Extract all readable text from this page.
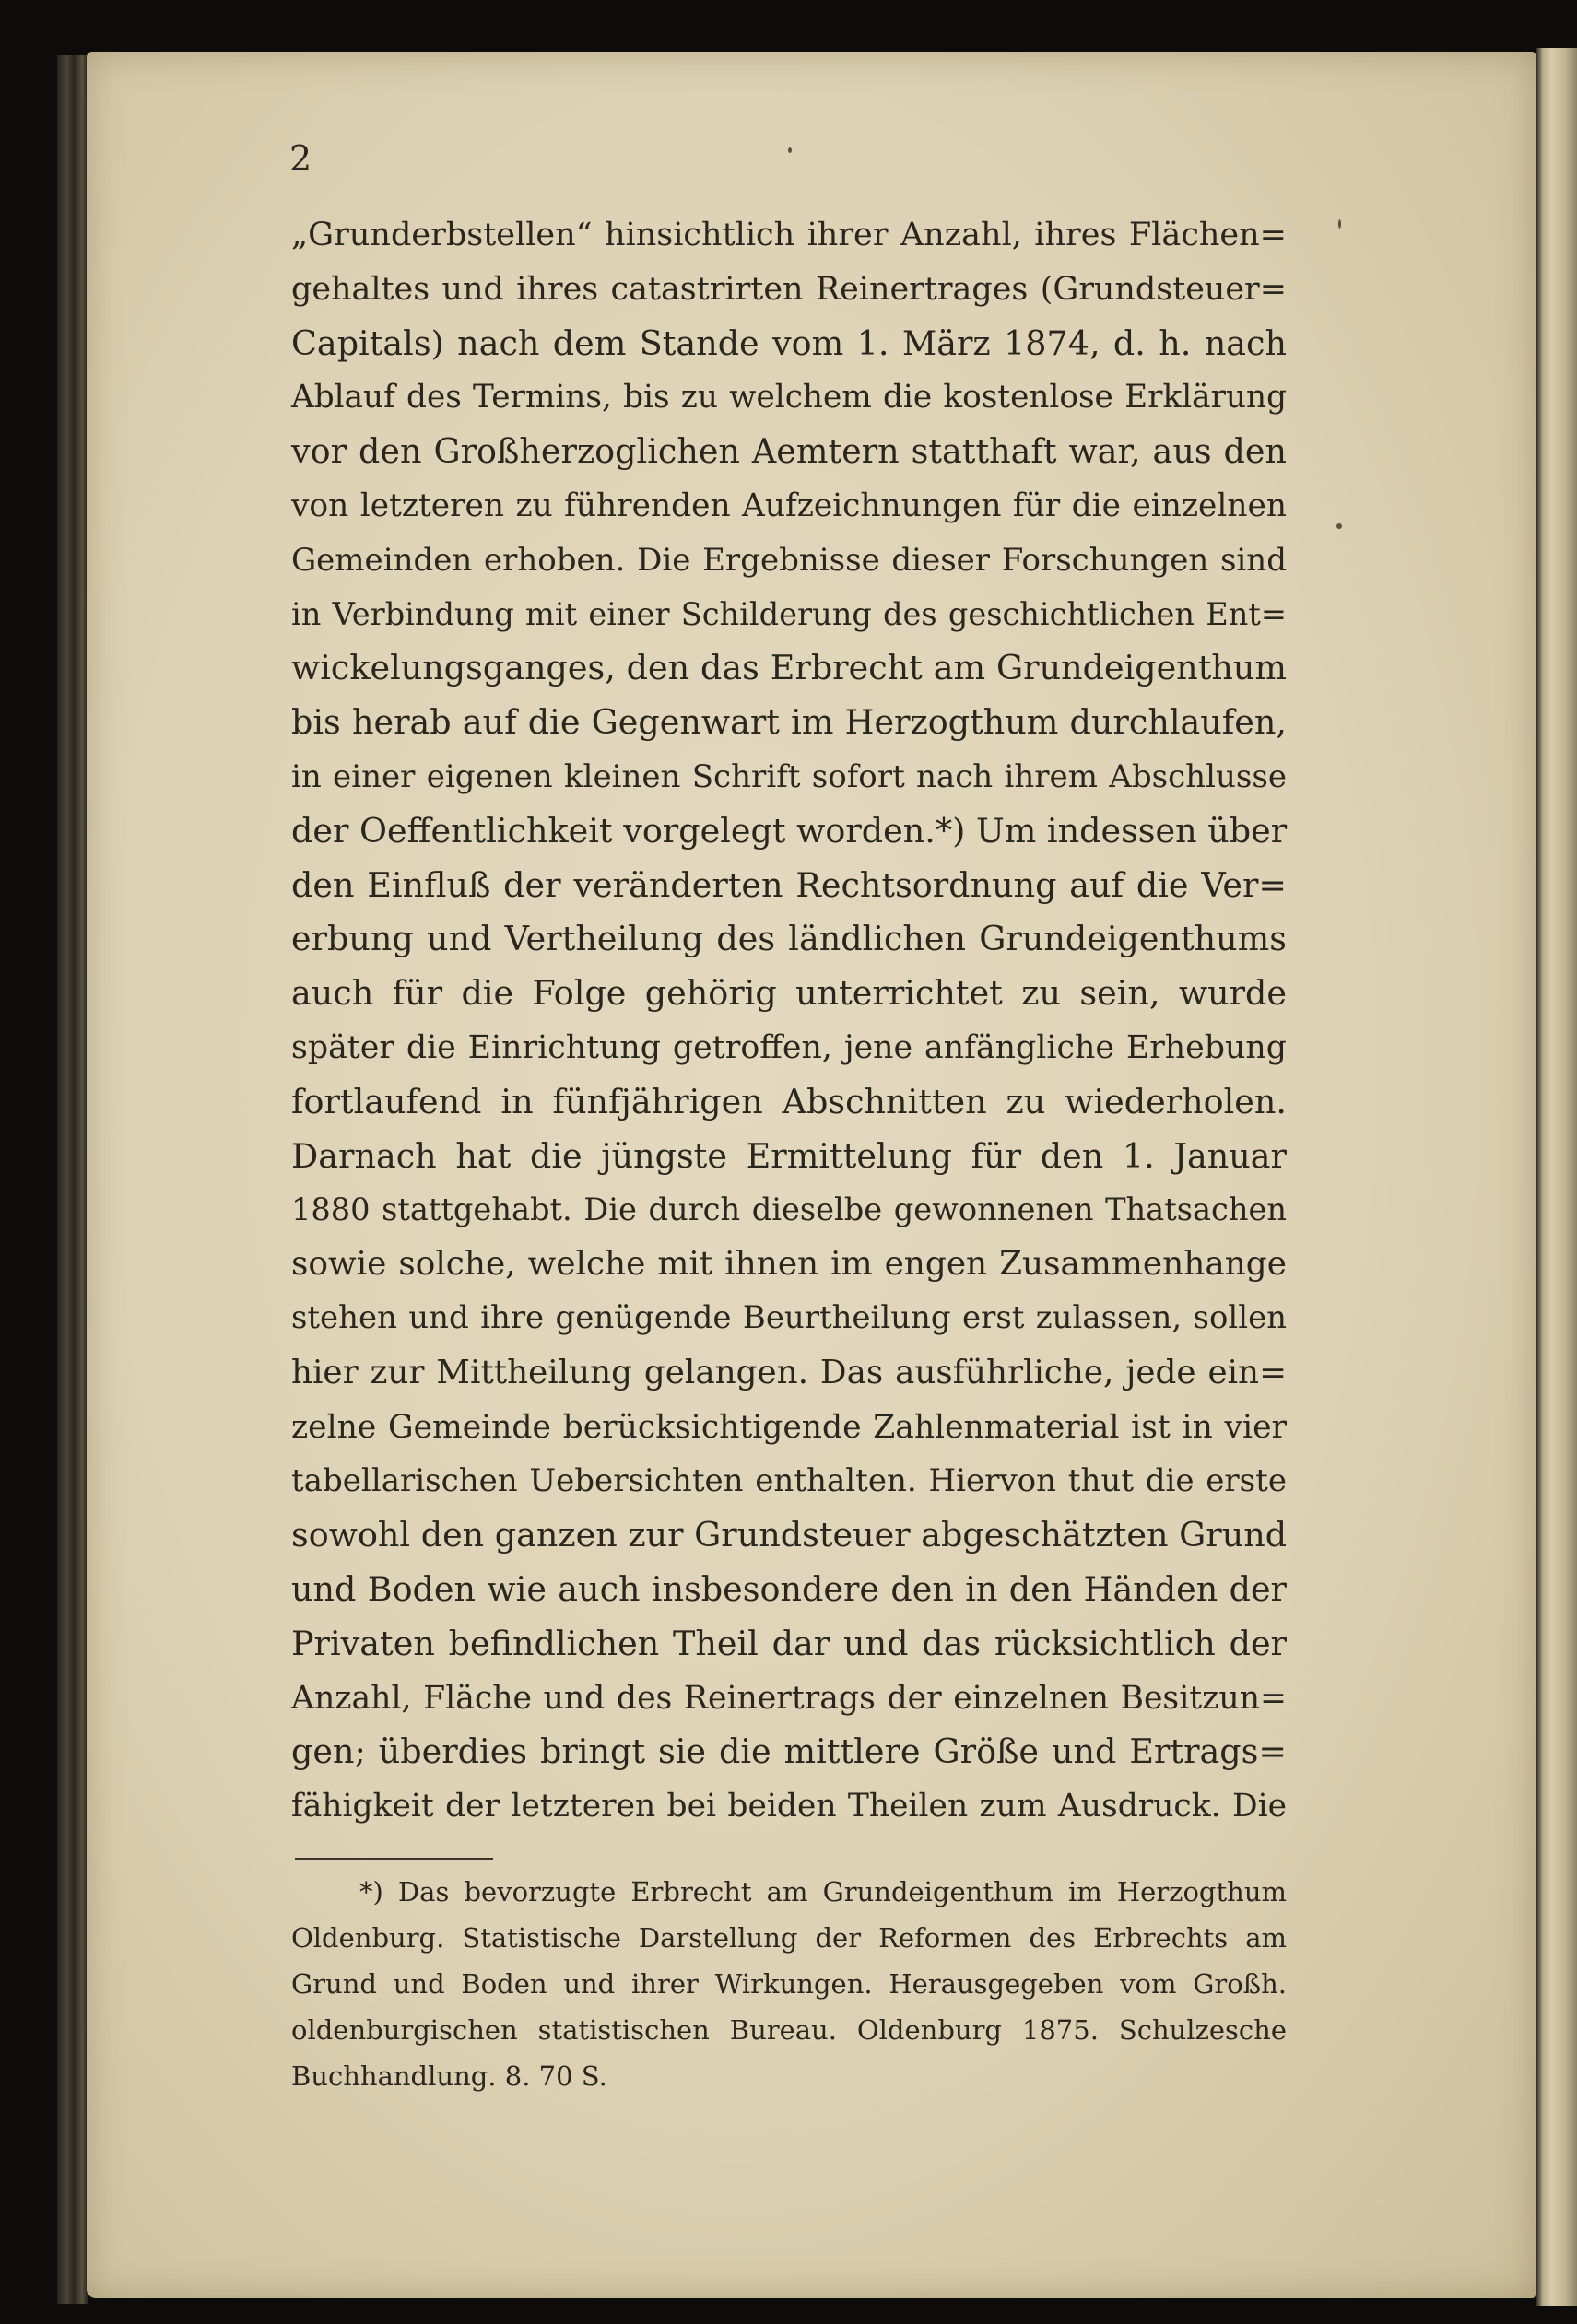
2
„Grunderbstellen“ hinsichtlich ihrer Anzahl, ihres Flächen=
gehaltes und ihres catastrirten Reinertrages (Grundsteuer=
Capitals) nach dem Stande vom 1. März 1874, d. h. nach
Ablauf des Termins, bis zu welchem die kostenlose Erklärung
vor den Großherzoglichen Aemtern statthaft war, aus den
von letzteren zu führenden Aufzeichnungen für die einzelnen
Gemeinden erhoben. Die Ergebnisse dieser Forschungen sind
in Verbindung mit einer Schilderung des geschichtlichen Ent=
wickelungsganges, den das Erbrecht am Grundeigenthum
bis herab auf die Gegenwart im Herzogthum durchlaufen,
in einer eigenen kleinen Schrift sofort nach ihrem Abschlusse
der Oeffentlichkeit vorgelegt worden.*) Um indessen über
den Einfluß der veränderten Rechtsordnung auf die Ver=
erbung und Vertheilung des ländlichen Grundeigenthums
auch für die Folge gehörig unterrichtet zu sein, wurde
später die Einrichtung getroffen, jene anfängliche Erhebung
fortlaufend in fünfjährigen Abschnitten zu wiederholen.
Darnach hat die jüngste Ermittelung für den 1. Januar
1880 stattgehabt. Die durch dieselbe gewonnenen Thatsachen
sowie solche, welche mit ihnen im engen Zusammenhange
stehen und ihre genügende Beurtheilung erst zulassen, sollen
hier zur Mittheilung gelangen. Das ausführliche, jede ein=
zelne Gemeinde berücksichtigende Zahlenmaterial ist in vier
tabellarischen Uebersichten enthalten. Hiervon thut die erste
sowohl den ganzen zur Grundsteuer abgeschätzten Grund
und Boden wie auch insbesondere den in den Händen der
Privaten befindlichen Theil dar und das rücksichtlich der
Anzahl, Fläche und des Reinertrags der einzelnen Besitzun=
gen; überdies bringt sie die mittlere Größe und Ertrags=
fähigkeit der letzteren bei beiden Theilen zum Ausdruck. Die
*) Das bevorzugte Erbrecht am Grundeigenthum im Herzogthum
Oldenburg. Statistische Darstellung der Reformen des Erbrechts am
Grund und Boden und ihrer Wirkungen. Herausgegeben vom Großh.
oldenburgischen statistischen Bureau. Oldenburg 1875. Schulzesche
Buchhandlung. 8. 70 S.
